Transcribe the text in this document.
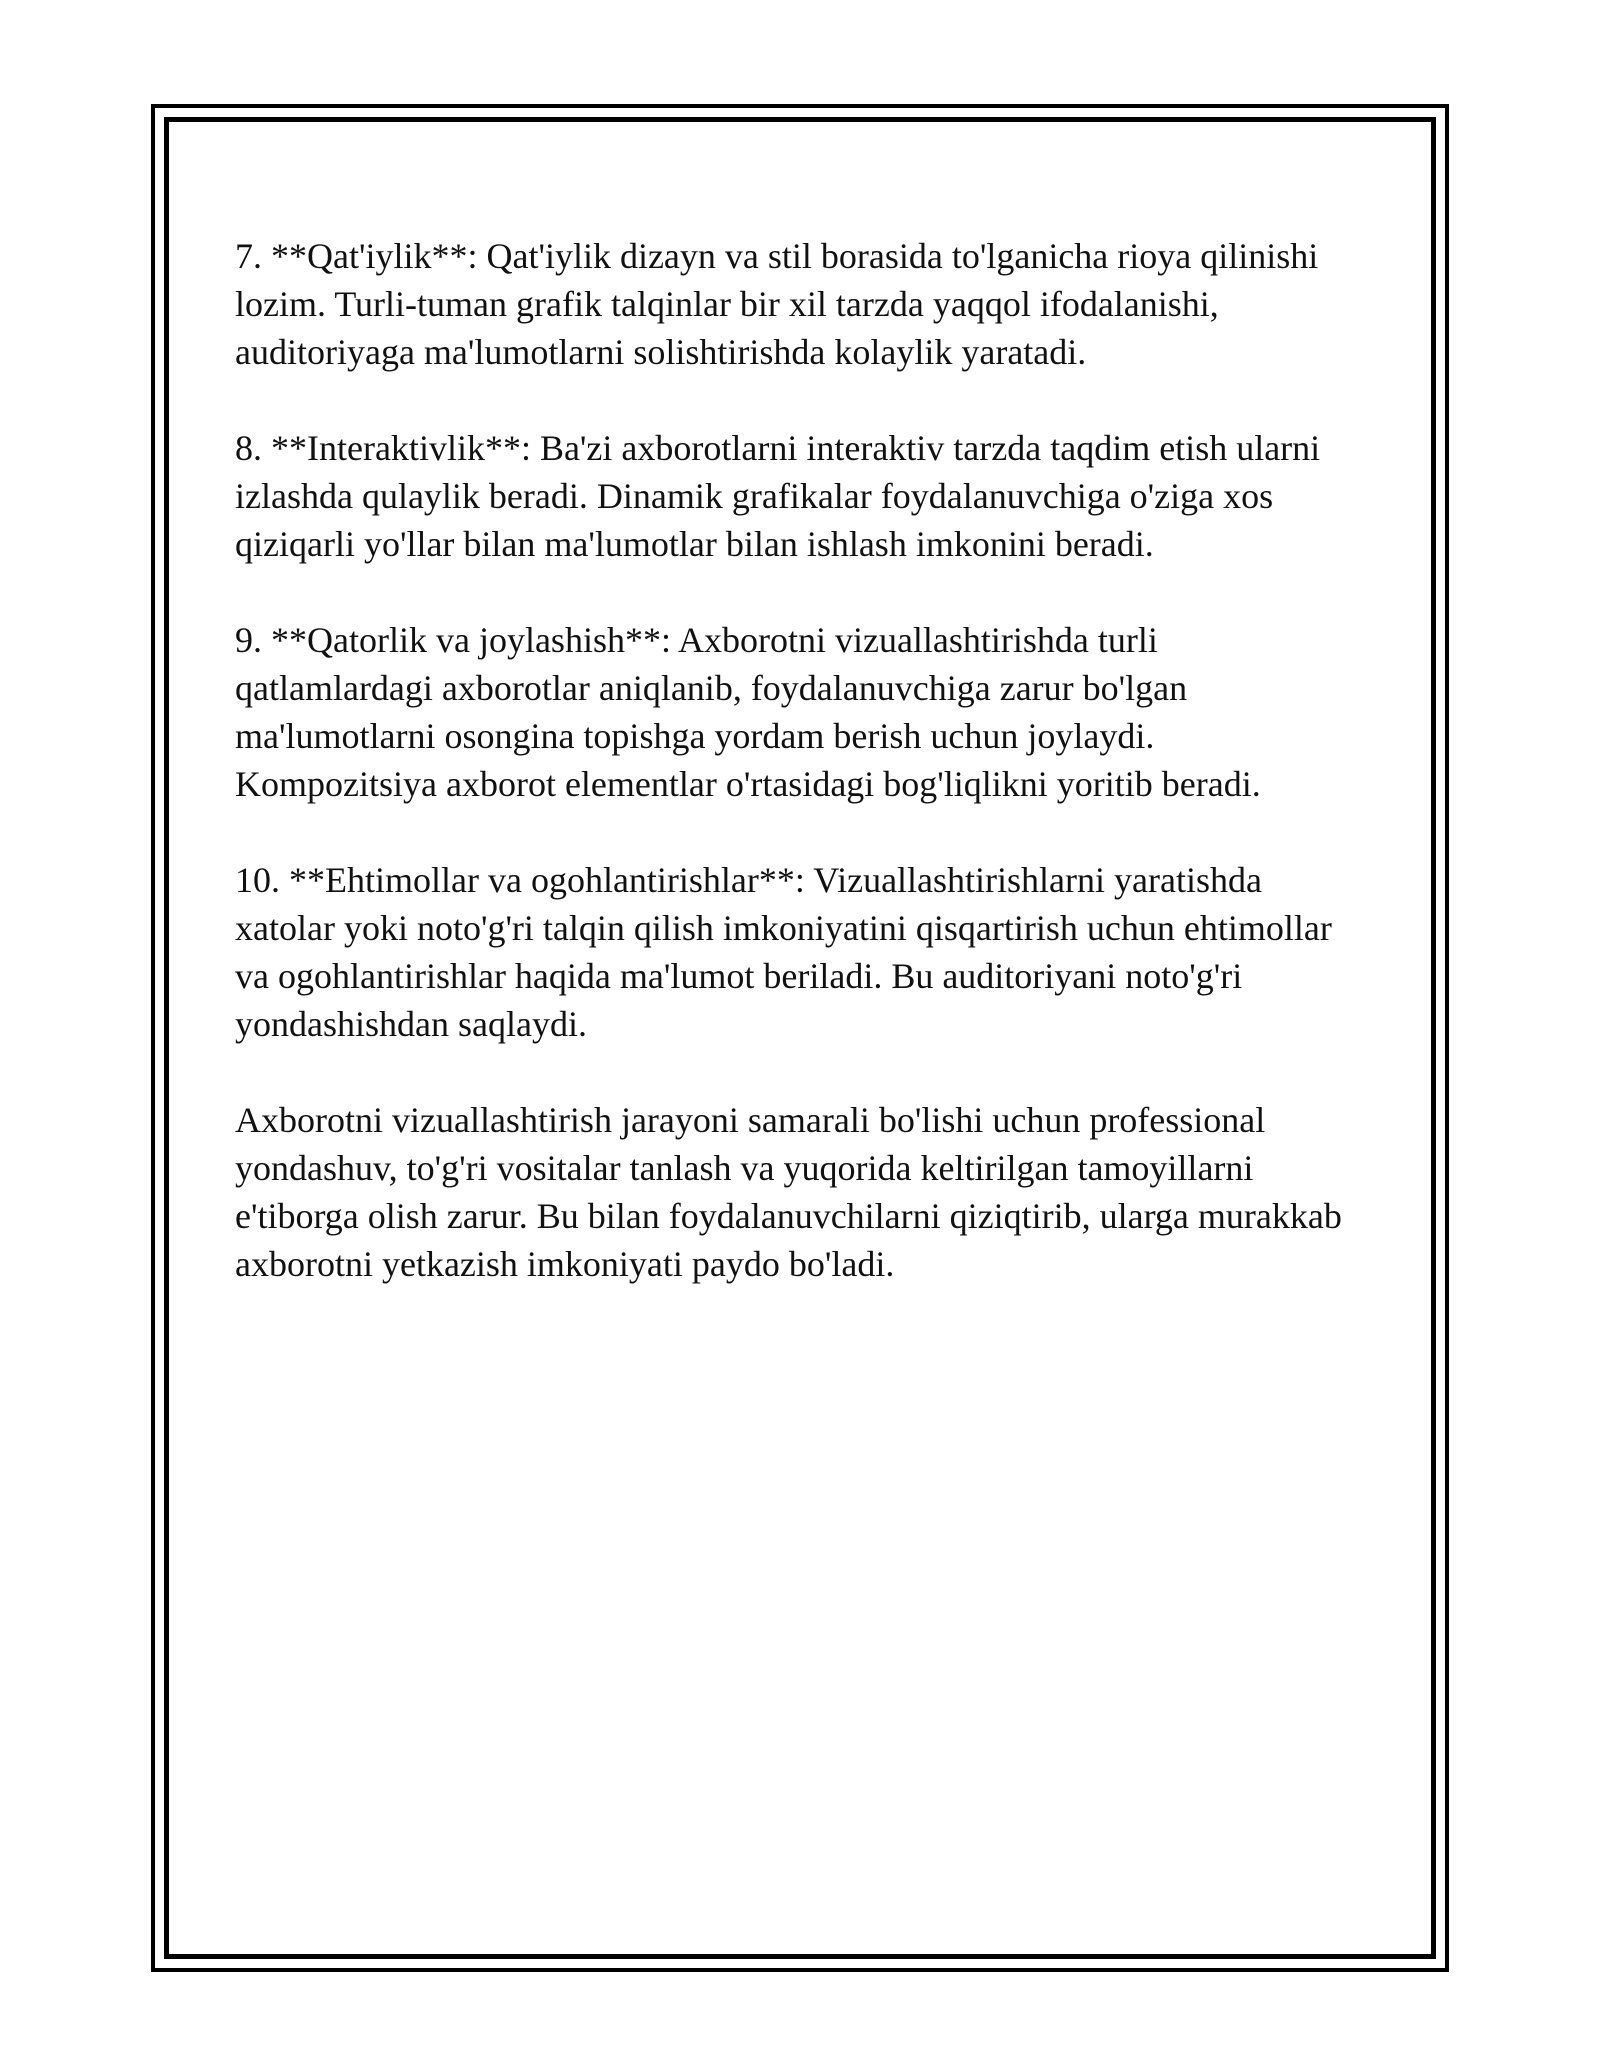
7. **Qat'iylik**: Qat'iylik dizayn va stil borasida to'lganicha rioya qilinishi
lozim. Turli-tuman grafik talqinlar bir xil tarzda yaqqol ifodalanishi,
auditoriyaga ma'lumotlarni solishtirishda kolaylik yaratadi.

8. **Interaktivlik**: Ba'zi axborotlarni interaktiv tarzda taqdim etish ularni
izlashda qulaylik beradi. Dinamik grafikalar foydalanuvchiga o'ziga xos
qiziqarli yo'llar bilan ma'lumotlar bilan ishlash imkonini beradi.

9. **Qatorlik va joylashish**: Axborotni vizuallashtirishda turli
qatlamlardagi axborotlar aniqlanib, foydalanuvchiga zarur bo'lgan
ma'lumotlarni osongina topishga yordam berish uchun joylaydi.
Kompozitsiya axborot elementlar o'rtasidagi bog'liqlikni yoritib beradi.

10. **Ehtimollar va ogohlantirishlar**: Vizuallashtirishlarni yaratishda
xatolar yoki noto'g'ri talqin qilish imkoniyatini qisqartirish uchun ehtimollar
va ogohlantirishlar haqida ma'lumot beriladi. Bu auditoriyani noto'g'ri
yondashishdan saqlaydi.

Axborotni vizuallashtirish jarayoni samarali bo'lishi uchun professional
yondashuv, to'g'ri vositalar tanlash va yuqorida keltirilgan tamoyillarni
e'tiborga olish zarur. Bu bilan foydalanuvchilarni qiziqtirib, ularga murakkab
axborotni yetkazish imkoniyati paydo bo'ladi.
